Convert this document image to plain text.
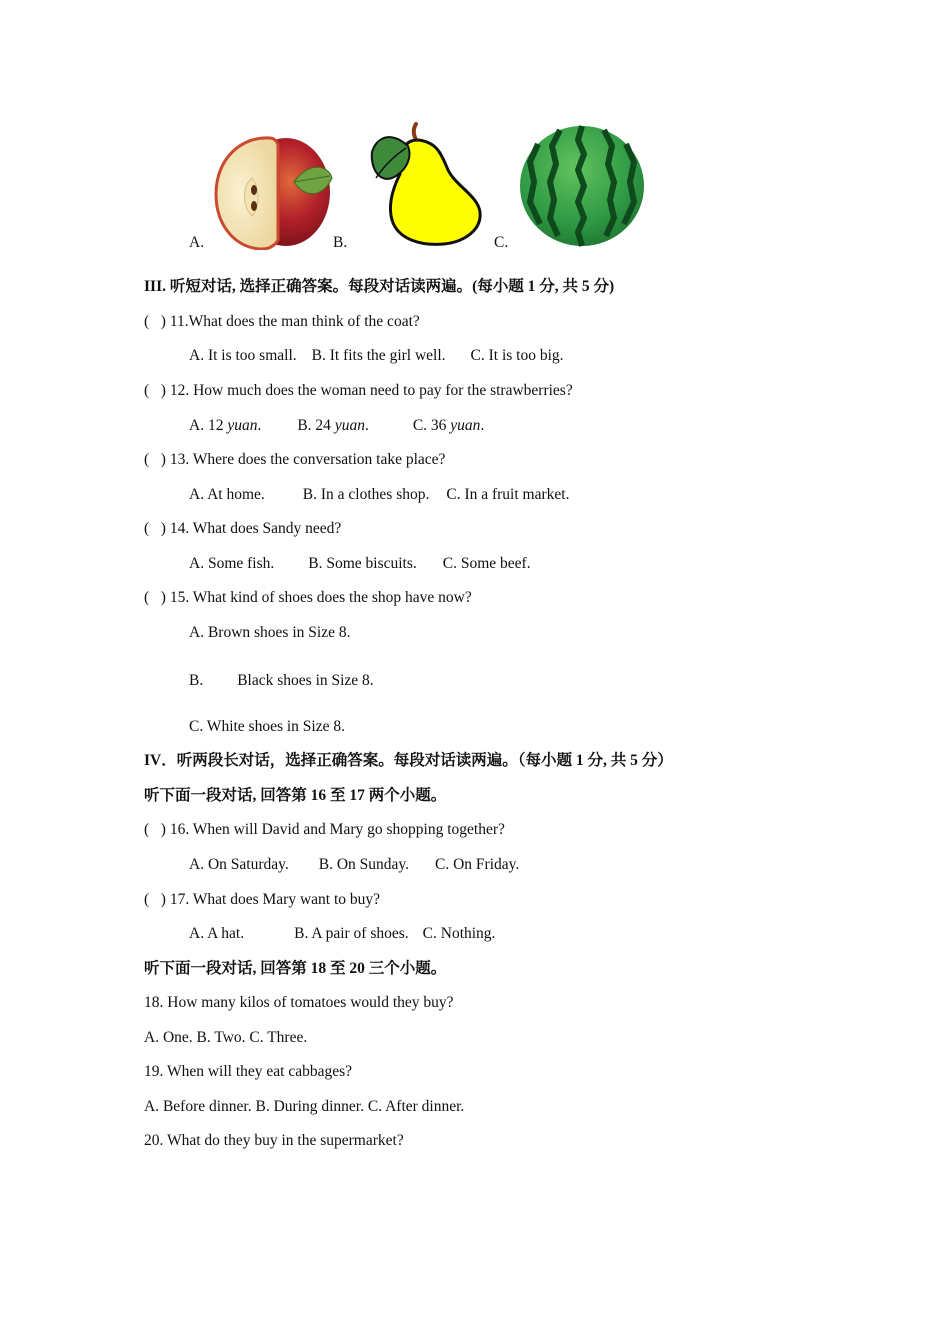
A.	B.	C.
III. 听短对话, 选择正确答案。每段对话读两遍。(每小题 1 分, 共 5 分)
(   ) 11.What does the man think of the coat?
A. It is too small. B. It fits the girl well. C. It is too big.
(   ) 12. How much does the woman need to pay for the strawberries?
A. 12 yuan. B. 24 yuan.	C. 36 yuan.
(   ) 13. Where does the conversation take place?
A. At home. B. In a clothes shop. C. In a fruit market.
(   ) 14. What does Sandy need?
A. Some fish. B. Some biscuits. C. Some beef.
(   ) 15. What kind of shoes does the shop have now?
A. Brown shoes in Size 8.
B. Black shoes in Size 8.
C. White shoes in Size 8.
IV．听两段长对话，选择正确答案。每段对话读两遍。（每小题 1 分, 共 5 分）
听下面一段对话, 回答第 16 至 17 两个小题。
(   ) 16. When will David and Mary go shopping together?
A. On Saturday. B. On Sunday. C. On Friday.
(   ) 17. What does Mary want to buy?
A. A hat.	B. A pair of shoes. C. Nothing.
听下面一段对话, 回答第 18 至 20 三个小题。
18. How many kilos of tomatoes would they buy?
A. One. B. Two. C. Three.
19. When will they eat cabbages?
A. Before dinner. B. During dinner. C. After dinner.
20. What do they buy in the supermarket?
